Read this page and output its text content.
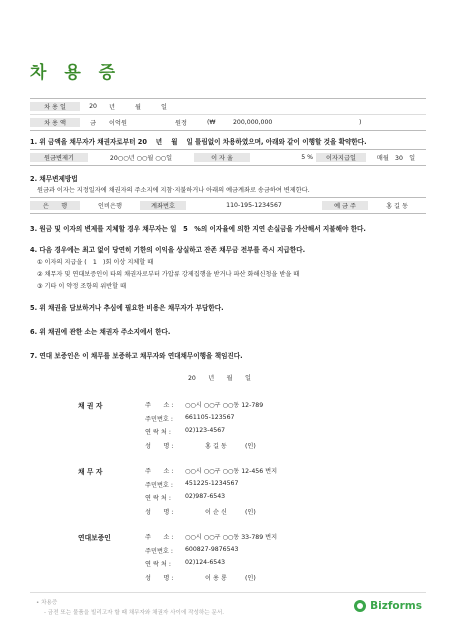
차 용 증
차 용 일	20	년	월	일
차 용 액	금	이억원	원정	(₩	200,000,000	)
1. 위 금액을 채무자가 채권자로부터 20　 년　 월　 일 틀림없이 차용하였으며, 아래와 같이 이행할 것을 확약한다.
원금변제기	20○○년 ○○월 ○○일	이 자 율	5 %	이자지급일	매월　30　일
2. 채무변제방법
원금과 이자는 지정일자에 채권자의 주소지에 지참·지불하거나 아래의 예금계좌로 송금하여 변제한다.
은　　행	인비은행	계좌번호	110-195-1234567	예 금 주	홍 길 동
3. 원금 및 이자의 변제를 지체할 경우 채무자는 일　5　%의 이자율에 의한 지연 손실금을 가산해서 지불해야 한다.
4. 다음 경우에는 최고 없이 당연히 기한의 이익을 상실하고 잔존 채무금 전부를 즉시 지급한다.
① 이자의 지급을 (　1　)회 이상 지체할 때
② 채무자 및 연대보증인이 타의 채권자로부터 가압류 강제집행을 받거나 파산 화해신청을 받을 때
③ 기타 이 약정 조항의 위반할 때
5. 위 채권을 담보하거나 추심에 필요한 비용은 채무자가 부담한다.
6. 위 채권에 관한 소는 채권자 주소지에서 한다.
7. 연대 보증인은 이 채무를 보증하고 채무자와 연대채무이행을 책임진다.
20　　년　　월　　일
채 권 자	주　　소 : ○○시 ○○구 ○○동 12-789
주민번호 : 661105-123567
연 락 처 : 02)123-4567
성　　명 :	홍 길 동	(인)
채 무 자	주　　소 : ○○시 ○○구 ○○동 12-456 번지
주민번호 : 451225-1234567
연 락 처 : 02)987-6543
성　　명 :	이 순 신	(인)
연대보증인	주　　소 : ○○시 ○○구 ○○동 33-789 번지
주민번호 : 600827-9876543
연 락 처 : 02)124-6543
성　　명 :	이 용 룡	(인)
• 차용증
- 금전 또는 물품을 빌리고자 할 때 채무자와 채권자 사이에 작성하는 문서.
Bizforms
